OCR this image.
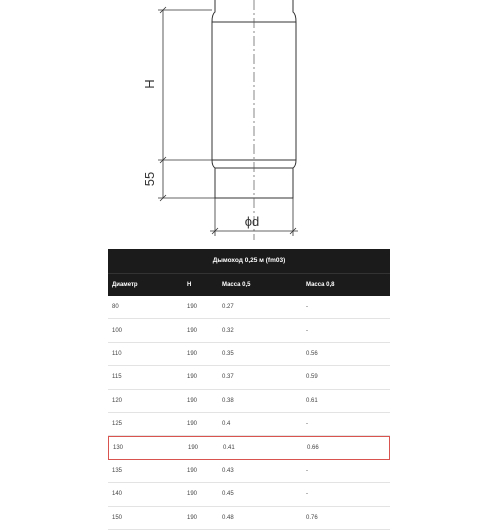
H
55
ϕd
Дымоход 0,25 м (fm03)
Диаметр	H	Масса 0,5	Масса 0,8
80	190	0.27	-
100	190	0.32	-
110	190	0.35	0.56
115	190	0.37	0.59
120	190	0.38	0.61
125	190	0.4	-
130	190	0.41	0.66
135	190	0.43	-
140	190	0.45	-
150	190	0.48	0.76
